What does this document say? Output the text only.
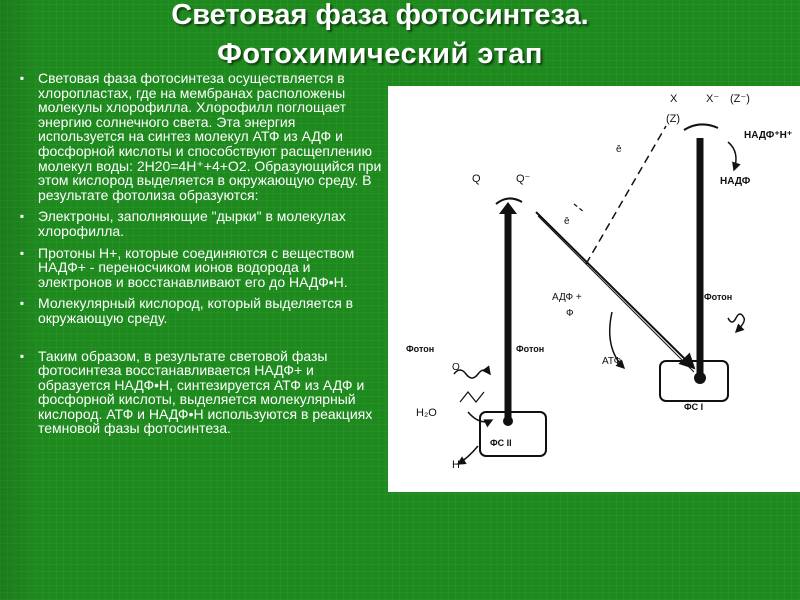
Световая фаза фотосинтеза.
Фотохимический этап
▪ Световая фаза фотосинтеза осуществляется в хлоропластах, где на мембранах расположены молекулы хлорофилла. Хлорофилл поглощает энергию солнечного света. Эта энергия используется на синтез молекул АТФ из АДФ и фосфорной кислоты и способствуют расщеплению молекул воды: 2Н20=4Н⁺+4+О2. Образующийся при этом кислород выделяется в окружающую среду. В результате фотолиза образуются:
▪ Электроны, заполняющие "дырки" в молекулах хлорофилла.
▪ Протоны Н+, которые соединяются с веществом НАДФ+ - переносчиком ионов водорода и электронов и восстанавливают его до НАДФ•Н.
▪ Молекулярный кислород, который выделяется в окружающую среду.
▪ Таким образом, в результате световой фазы фотосинтеза восстанавливается НАДФ+ и образуется НАДФ•Н, синтезируется АТФ из АДФ и фосфорной кислоты, выделяется молекулярный кислород. АТФ и НАДФ•Н используются в реакциях темновой фазы фотосинтеза.
X	X⁻ (Z⁻)
(Z)
НАДФ⁺Н⁺
НАДФ
Q	Q⁻
ē
ē
АДФ +
Ф
АТФ
Фотон
Фотон	Фотон
О
H₂O
H⁺
ФС II
ФС I
